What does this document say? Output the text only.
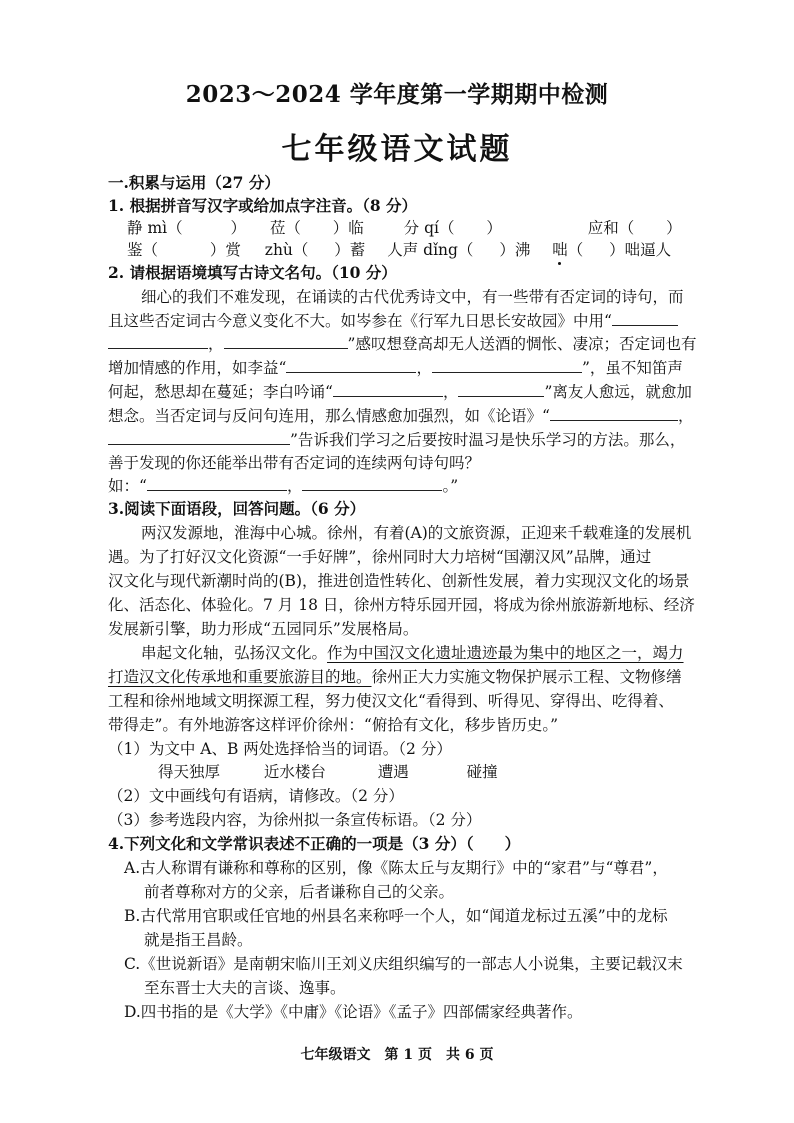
2023～2024 学年度第一学期期中检测
七年级语文试题
一.积累与运用（27 分）
1. 根据拼音写汉字或给加点字注音。（8 分）
静 mì（	） 莅（ ）临	分 qí（ ）	应和（ ）
鉴（	）赏 zhù（ ）蓄 人声 dǐng（ ）沸 咄（ ）咄逼人
2. 请根据语境填写古诗文名句。（10 分）
细心的我们不难发现，在诵读的古代优秀诗文中，有一些带有否定词的诗句，而
且这些否定词古今意义变化不大。如岑参在《行军九日思长安故园》中用“
，	”感叹想登高却无人送酒的惆怅、凄凉；否定词也有
增加情感的作用，如李益“	，	”，虽不知笛声
何起，愁思却在蔓延；李白吟诵“	，	”离友人愈远，就愈加
想念。当否定词与反问句连用，那么情感愈加强烈，如《论语》“	，
”告诉我们学习之后要按时温习是快乐学习的方法。那么，
善于发现的你还能举出带有否定词的连续两句诗句吗？
如：“	，	。”
3.阅读下面语段，回答问题。（6 分）
两汉发源地，淮海中心城。徐州，有着(A)的文旅资源，正迎来千载难逢的发展机
遇。为了打好汉文化资源“一手好牌”，徐州同时大力培树“国潮汉风”品牌，通过
汉文化与现代新潮时尚的(B)，推进创造性转化、创新性发展，着力实现汉文化的场景
化、活态化、体验化。7 月 18 日，徐州方特乐园开园，将成为徐州旅游新地标、经济
发展新引擎，助力形成“五园同乐”发展格局。
串起文化轴，弘扬汉文化。作为中国汉文化遗址遗迹最为集中的地区之一，竭力
打造汉文化传承地和重要旅游目的地。徐州正大力实施文物保护展示工程、文物修缮
工程和徐州地域文明探源工程，努力使汉文化“看得到、听得见、穿得出、吃得着、
带得走”。有外地游客这样评价徐州：“俯拾有文化，移步皆历史。”
（1）为文中 A、B 两处选择恰当的词语。（2 分）
得天独厚	近水楼台	遭遇	碰撞
（2）文中画线句有语病，请修改。（2 分）
（3）参考选段内容，为徐州拟一条宣传标语。（2 分）
4.下列文化和文学常识表述不正确的一项是（3 分）（　　）
A.古人称谓有谦称和尊称的区别，像《陈太丘与友期行》中的“家君”与“尊君”，
前者尊称对方的父亲，后者谦称自己的父亲。
B.古代常用官职或任官地的州县名来称呼一个人，如“闻道龙标过五溪”中的龙标
就是指王昌龄。
C.《世说新语》是南朝宋临川王刘义庆组织编写的一部志人小说集，主要记载汉末
至东晋士大夫的言谈、逸事。
D.四书指的是《大学》《中庸》《论语》《孟子》四部儒家经典著作。
七年级语文　第 1 页　共 6 页
